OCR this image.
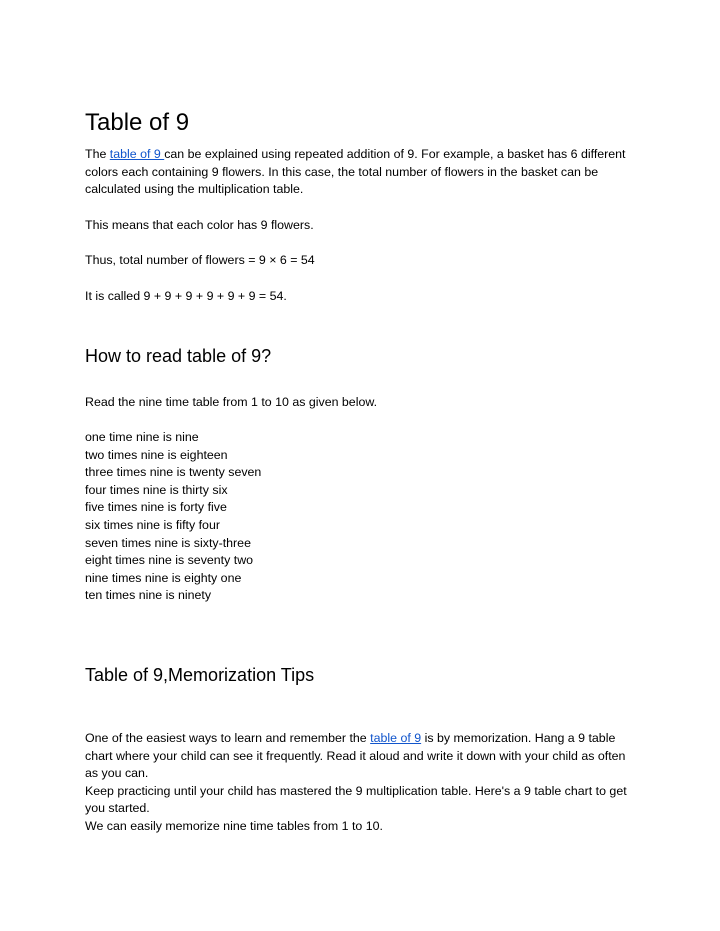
Table of 9

The table of 9 can be explained using repeated addition of 9. For example, a basket has 6 different colors each containing 9 flowers. In this case, the total number of flowers in the basket can be calculated using the multiplication table.

This means that each color has 9 flowers.

Thus, total number of flowers = 9 × 6 = 54

It is called 9 + 9 + 9 + 9 + 9 + 9 = 54.

How to read table of 9?

Read the nine time table from 1 to 10 as given below.

one time nine is nine
two times nine is eighteen
three times nine is twenty seven
four times nine is thirty six
five times nine is forty five
six times nine is fifty four
seven times nine is sixty-three
eight times nine is seventy two
nine times nine is eighty one
ten times nine is ninety
Table of 9,Memorization Tips

One of the easiest ways to learn and remember the table of 9 is by memorization. Hang a 9 table chart where your child can see it frequently. Read it aloud and write it down with your child as often as you can.
Keep practicing until your child has mastered the 9 multiplication table. Here's a 9 table chart to get you started.
We can easily memorize nine time tables from 1 to 10.
